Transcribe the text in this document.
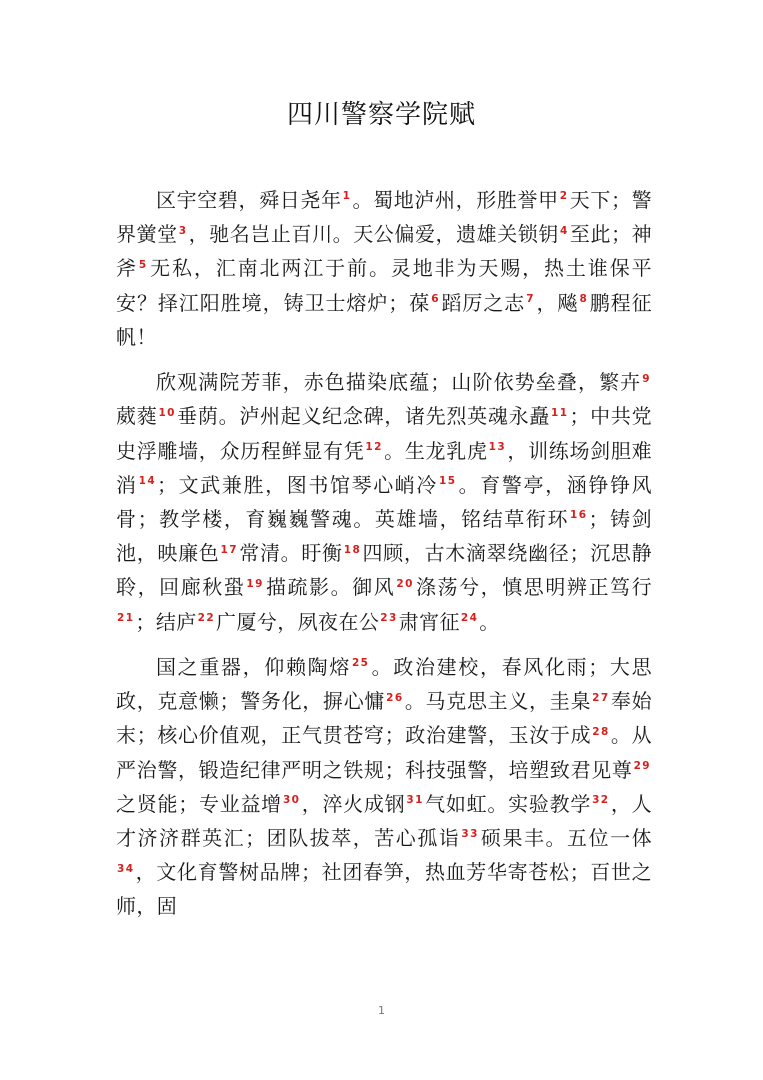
四川警察学院赋

区宇空碧，舜日尧年$^1$。蜀地泸州，形胜誉甲$^2$天下；警界黉堂$^3$，驰名岂止百川。天公偏爱，遗雄关锁钥$^4$至此；神斧$^5$无私，汇南北两江于前。灵地非为天赐，热土谁保平安？择江阳胜境，铸卫士熔炉；葆$^6$蹈厉之志$^7$，飚$^8$鹏程征帆！

欣观满院芳菲，赤色描染底蕴；山阶依势垒叠，繁卉$^9$葳蕤$^{10}$垂荫。泸州起义纪念碑，诸先烈英魂永矗$^{11}$；中共党史浮雕墙，众历程鲜显有凭$^{12}$。生龙乳虎$^{13}$，训练场剑胆难消$^{14}$；文武兼胜，图书馆琴心峭冷$^{15}$。育警亭，涵铮铮风骨；教学楼，育巍巍警魂。英雄墙，铭结草衔环$^{16}$；铸剑池，映廉色$^{17}$常清。盱衡$^{18}$四顾，古木滴翠绕幽径；沉思静聆，回廊秋蛩$^{19}$描疏影。御风$^{20}$涤荡兮，慎思明辨正笃行$^{21}$；结庐$^{22}$广厦兮，夙夜在公$^{23}$肃宵征$^{24}$。

国之重器，仰赖陶熔$^{25}$。政治建校，春风化雨；大思政，克意懒；警务化，摒心慵$^{26}$。马克思主义，圭臬$^{27}$奉始末；核心价值观，正气贯苍穹；政治建警，玉汝于成$^{28}$。从严治警，锻造纪律严明之铁规；科技强警，培塑致君见尊$^{29}$之贤能；专业益增$^{30}$，淬火成钢$^{31}$气如虹。实验教学$^{32}$，人才济济群英汇；团队拔萃，苦心孤诣$^{33}$硕果丰。五位一体$^{34}$，文化育警树品牌；社团春笋，热血芳华寄苍松；百世之师，固

1
